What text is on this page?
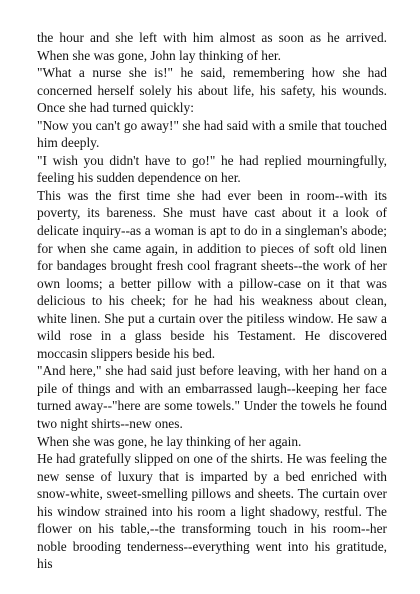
the hour and she left with him almost as soon as he arrived. When she was gone, John lay thinking of her.

"What a nurse she is!" he said, remembering how she had concerned herself solely his about life, his safety, his wounds. Once she had turned quickly:

"Now you can't go away!" she had said with a smile that touched him deeply.

"I wish you didn't have to go!" he had replied mourningfully, feeling his sudden dependence on her.

This was the first time she had ever been in room--with its poverty, its bareness. She must have cast about it a look of delicate inquiry--as a woman is apt to do in a singleman's abode; for when she came again, in addition to pieces of soft old linen for bandages brought fresh cool fragrant sheets--the work of her own looms; a better pillow with a pillow-case on it that was delicious to his cheek; for he had his weakness about clean, white linen. She put a curtain over the pitiless window. He saw a wild rose in a glass beside his Testament. He discovered moccasin slippers beside his bed.

"And here," she had said just before leaving, with her hand on a pile of things and with an embarrassed laugh--keeping her face turned away--"here are some towels." Under the towels he found two night shirts--new ones.

When she was gone, he lay thinking of her again.

He had gratefully slipped on one of the shirts. He was feeling the new sense of luxury that is imparted by a bed enriched with snow-white, sweet-smelling pillows and sheets. The curtain over his window strained into his room a light shadowy, restful. The flower on his table,--the transforming touch in his room--her noble brooding tenderness--everything went into his gratitude, his
